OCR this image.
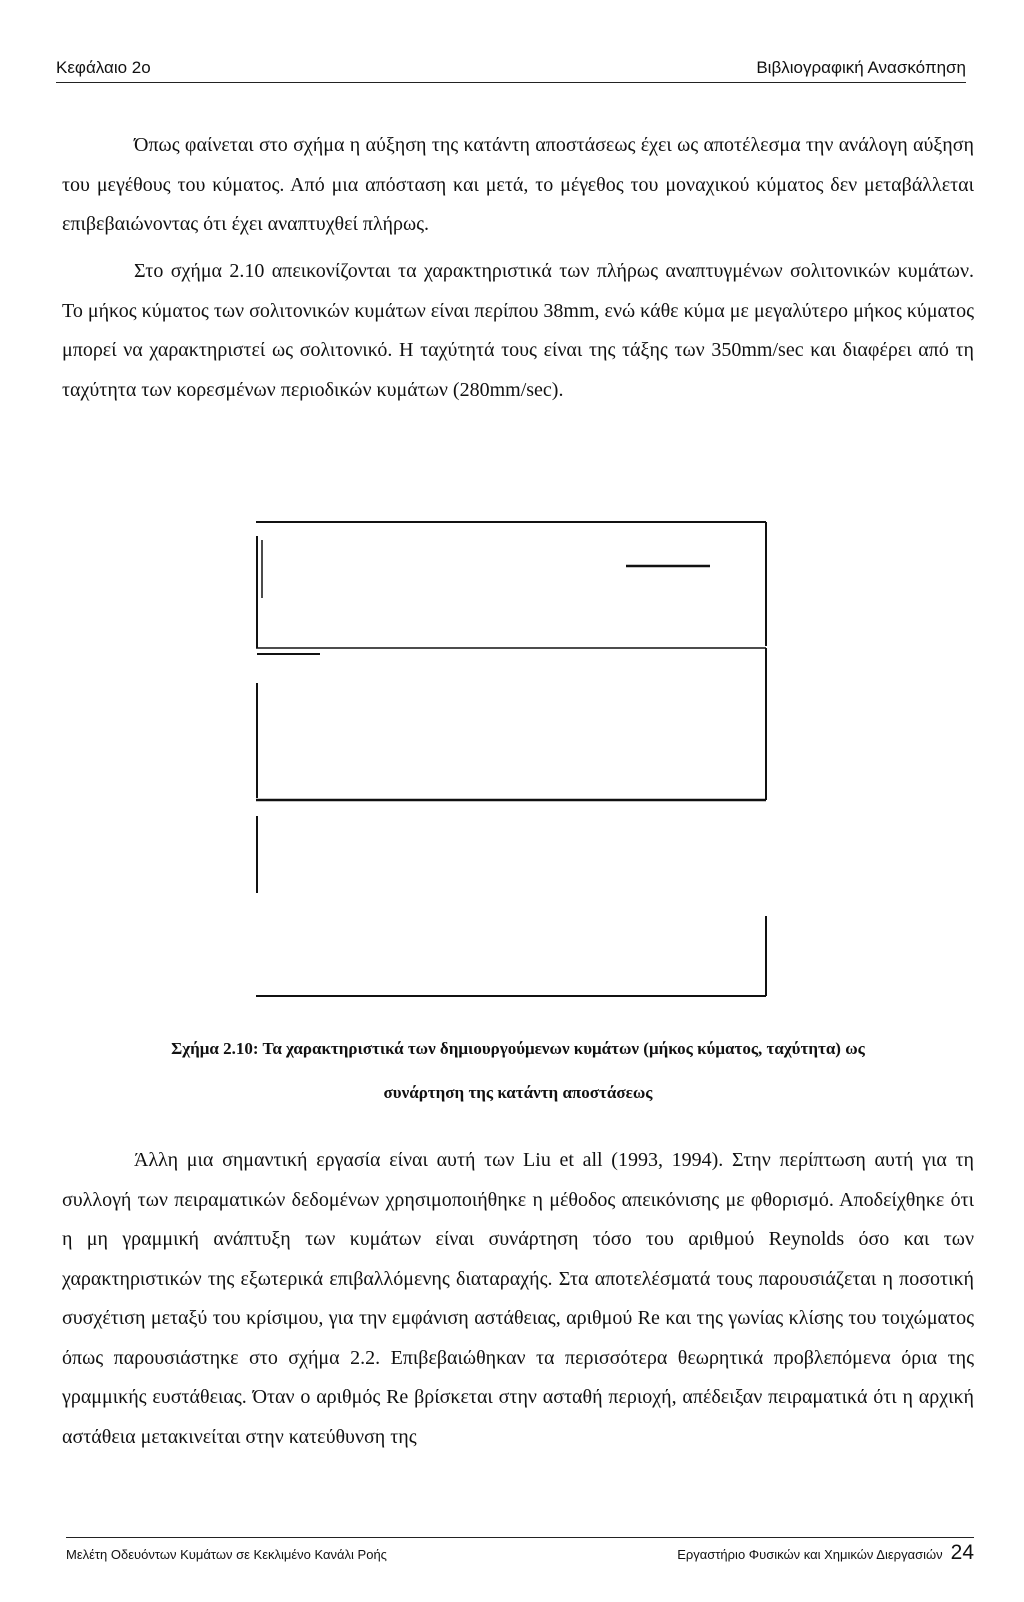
Κεφάλαιο 2ο	Βιβλιογραφική Ανασκόπηση

Όπως φαίνεται στο σχήμα η αύξηση της κατάντη αποστάσεως έχει ως αποτέλεσμα την ανάλογη αύξηση του μεγέθους του κύματος. Από μια απόσταση και μετά, το μέγεθος του μοναχικού κύματος δεν μεταβάλλεται επιβεβαιώνοντας ότι έχει αναπτυχθεί πλήρως.

Στο σχήμα 2.10 απεικονίζονται τα χαρακτηριστικά των πλήρως αναπτυγμένων σολιτονικών κυμάτων. Το μήκος κύματος των σολιτονικών κυμάτων είναι περίπου 38mm, ενώ κάθε κύμα με μεγαλύτερο μήκος κύματος μπορεί να χαρακτηριστεί ως σολιτονικό. Η ταχύτητά τους είναι της τάξης των 350mm/sec και διαφέρει από τη ταχύτητα των κορεσμένων περιοδικών κυμάτων (280mm/sec).

Σχήμα 2.10: Τα χαρακτηριστικά των δημιουργούμενων κυμάτων (μήκος κύματος, ταχύτητα) ως
συνάρτηση της κατάντη αποστάσεως

Άλλη μια σημαντική εργασία είναι αυτή των Liu et all (1993, 1994). Στην περίπτωση αυτή για τη συλλογή των πειραματικών δεδομένων χρησιμοποιήθηκε η μέθοδος απεικόνισης με φθορισμό. Αποδείχθηκε ότι η μη γραμμική ανάπτυξη των κυμάτων είναι συνάρτηση τόσο του αριθμού Reynolds όσο και των χαρακτηριστικών της εξωτερικά επιβαλλόμενης διαταραχής. Στα αποτελέσματά τους παρουσιάζεται η ποσοτική συσχέτιση μεταξύ του κρίσιμου, για την εμφάνιση αστάθειας, αριθμού Re και της γωνίας κλίσης του τοιχώματος όπως παρουσιάστηκε στο σχήμα 2.2. Επιβεβαιώθηκαν τα περισσότερα θεωρητικά προβλεπόμενα όρια της γραμμικής ευστάθειας. Όταν ο αριθμός Re βρίσκεται στην ασταθή περιοχή, απέδειξαν πειραματικά ότι η αρχική αστάθεια μετακινείται στην κατεύθυνση της

Μελέτη Οδευόντων Κυμάτων σε Κεκλιμένο Κανάλι Ροής	Εργαστήριο Φυσικών και Χημικών Διεργασιών 24
